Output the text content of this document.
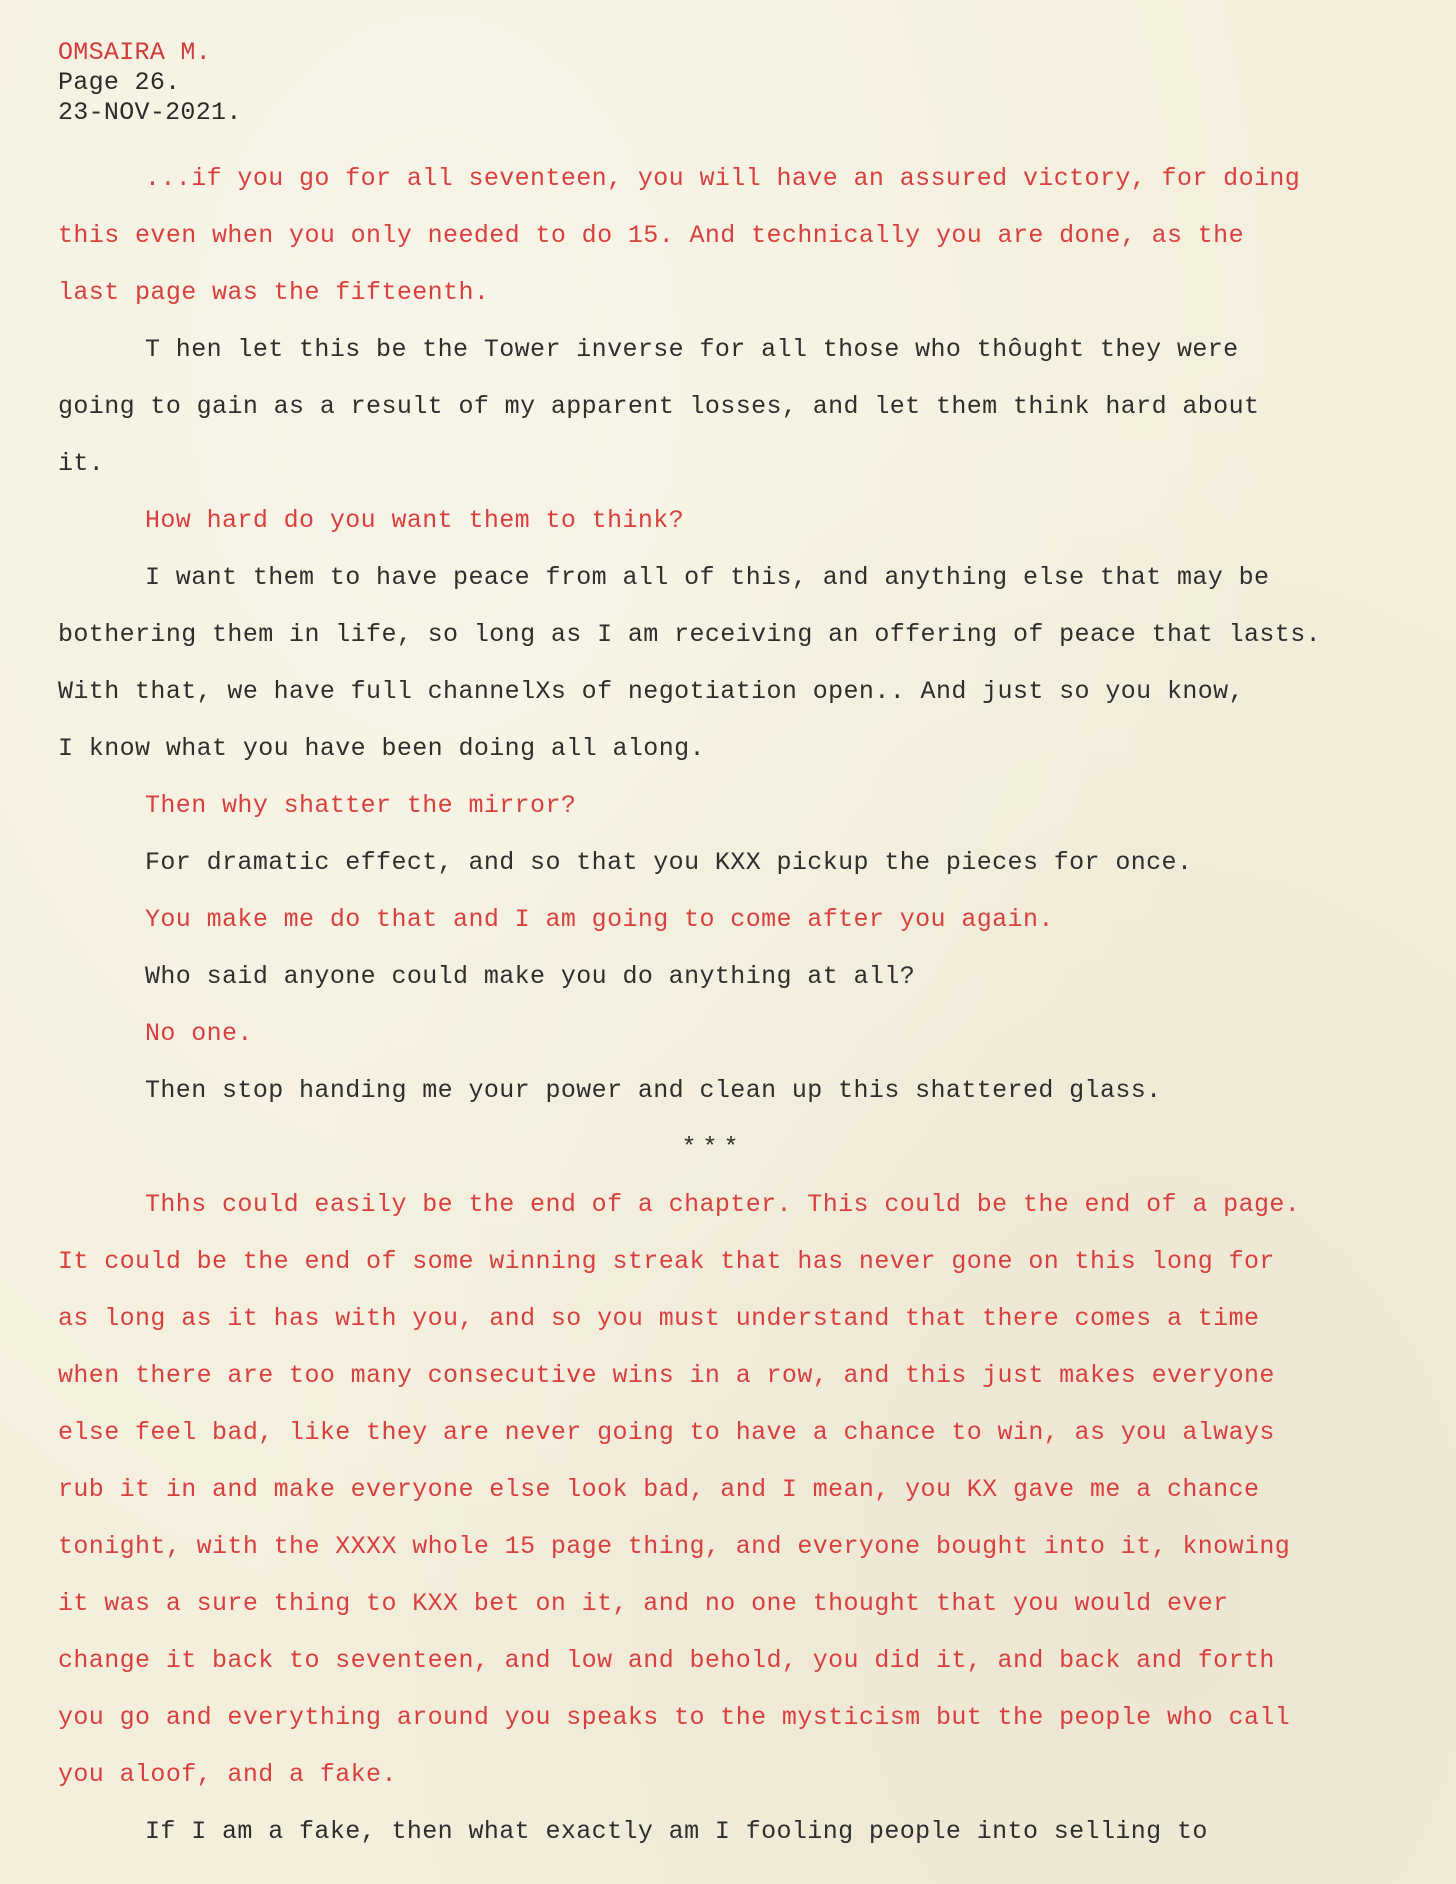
OMSAIRA M.
Page 26.
23-NOV-2021.
...if you go for all seventeen, you will have an assured victory, for doing
this even when you only needed to do 15. And technically you are done, as the
last page was the fifteenth.
T hen let this be the Tower inverse for all those who thôught they were
going to gain as a result of my apparent losses, and let them think hard about
it.
How hard do you want them to think?
I want them to have peace from all of this, and anything else that may be
bothering them in life, so long as I am receiving an offering of peace that lasts.
With that, we have full channelXs of negotiation open.. And just so you know,
I know what you have been doing all along.
Then why shatter the mirror?
For dramatic effect, and so that you KXX pickup the pieces for once.
You make me do that and I am going to come after you again.
Who said anyone could make you do anything at all?
No one.
Then stop handing me your power and clean up this shattered glass.
***
Thhs could easily be the end of a chapter. This could be the end of a page.
It could be the end of some winning streak that has never gone on this long for
as long as it has with you, and so you must understand that there comes a time
when there are too many consecutive wins in a row, and this just makes everyone
else feel bad, like they are never going to have a chance to win, as you always
rub it in and make everyone else look bad, and I mean, you KX gave me a chance
tonight, with the XXXX whole 15 page thing, and everyone bought into it, knowing
it was a sure thing to KXX bet on it, and no one thought that you would ever
change it back to seventeen, and low and behold, you did it, and back and forth
you go and everything around you speaks to the mysticism but the people who call
you aloof, and a fake.
If I am a fake, then what exactly am I fooling people into selling to
